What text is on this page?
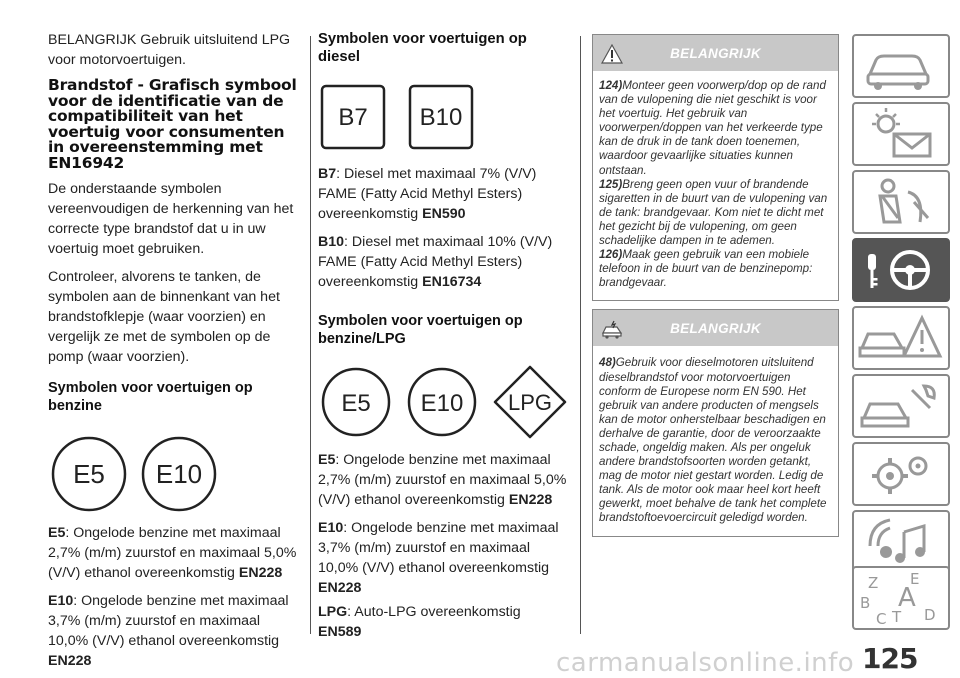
BELANGRIJK Gebruik uitsluitend LPG voor motorvoertuigen.

Brandstof - Grafisch symbool voor de identificatie van de compatibiliteit van het voertuig voor consumenten in overeenstemming met EN16942

De onderstaande symbolen vereenvoudigen de herkenning van het correcte type brandstof dat u in uw voertuig moet gebruiken.

Controleer, alvorens te tanken, de symbolen aan de binnenkant van het brandstofklepje (waar voorzien) en vergelijk ze met de symbolen op de pomp (waar voorzien).

Symbolen voor voertuigen op benzine
E5 E10

E5: Ongelode benzine met maximaal 2,7% (m/m) zuurstof en maximaal 5,0% (V/V) ethanol overeenkomstig EN228

E10: Ongelode benzine met maximaal 3,7% (m/m) zuurstof en maximaal 10,0% (V/V) ethanol overeenkomstig
EN228

Symbolen voor voertuigen op diesel
B7 B10

B7: Diesel met maximaal 7% (V/V) FAME (Fatty Acid Methyl Esters) overeenkomstig EN590

B10: Diesel met maximaal 10% (V/V) FAME (Fatty Acid Methyl Esters) overeenkomstig EN16734

Symbolen voor voertuigen op benzine/LPG
E5 E10 LPG

E5: Ongelode benzine met maximaal 2,7% (m/m) zuurstof en maximaal 5,0% (V/V) ethanol overeenkomstig EN228

E10: Ongelode benzine met maximaal 3,7% (m/m) zuurstof en maximaal 10,0% (V/V) ethanol overeenkomstig
EN228

LPG: Auto-LPG overeenkomstig
EN589

BELANGRIJK
124)Monteer geen voorwerp/dop op de rand van de vulopening die niet geschikt is voor het voertuig. Het gebruik van voorwerpen/doppen van het verkeerde type kan de druk in de tank doen toenemen, waardoor gevaarlijke situaties kunnen ontstaan.
125)Breng geen open vuur of brandende sigaretten in de buurt van de vulopening van de tank: brandgevaar. Kom niet te dicht met het gezicht bij de vulopening, om geen schadelijke dampen in te ademen.
126)Maak geen gebruik van een mobiele telefoon in de buurt van de benzinepomp: brandgevaar.
BELANGRIJK
48)Gebruik voor dieselmotoren uitsluitend dieselbrandstof voor motorvoertuigen conform de Europese norm EN 590. Het gebruik van andere producten of mengsels kan de motor onherstelbaar beschadigen en derhalve de garantie, door de veroorzaakte schade, ongeldig maken. Als per ongeluk andere brandstofsoorten worden getankt, mag de motor niet gestart worden. Ledig de tank. Als de motor ook maar heel kort heeft gewerkt, moet behalve de tank het complete brandstoftoevoercircuit geledigd worden.
Z E
B A
C T D
carmanualsonline.info 125
